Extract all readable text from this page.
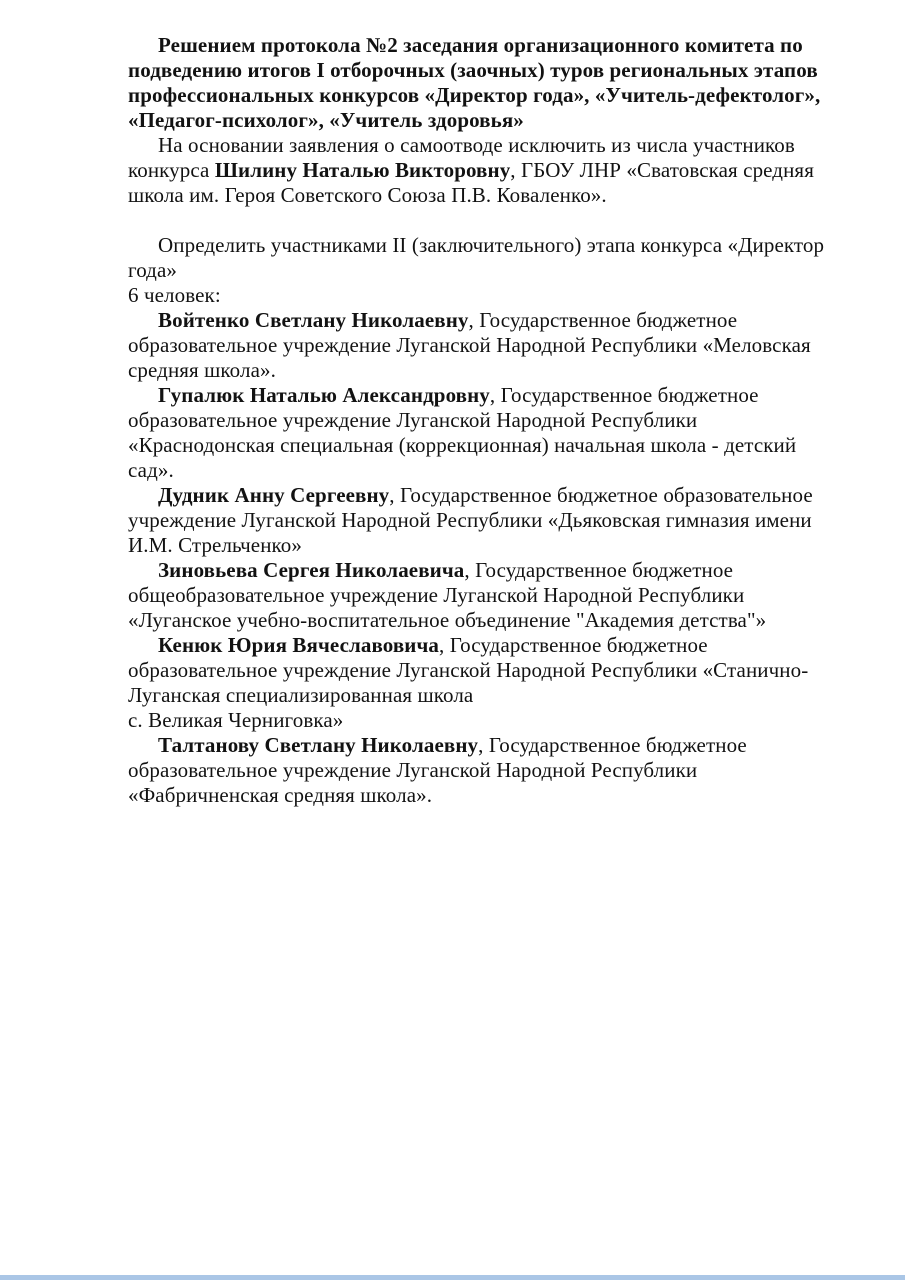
Решением протокола №2 заседания организационного комитета по подведению итогов I отборочных (заочных) туров региональных этапов профессиональных конкурсов «Директор года», «Учитель-дефектолог», «Педагог-психолог», «Учитель здоровья»

На основании заявления о самоотводе исключить из числа участников конкурса Шилину Наталью Викторовну, ГБОУ ЛНР «Сватовская средняя школа им. Героя Советского Союза П.В. Коваленко».

Определить участниками II (заключительного) этапа конкурса «Директор года»

6 человек:

Войтенко Светлану Николаевну, Государственное бюджетное образовательное учреждение Луганской Народной Республики «Меловская средняя школа».

Гупалюк Наталью Александровну, Государственное бюджетное образовательное учреждение Луганской Народной Республики «Краснодонская специальная (коррекционная) начальная школа - детский сад».

Дудник Анну Сергеевну, Государственное бюджетное образовательное учреждение Луганской Народной Республики «Дьяковская гимназия имени И.М. Стрельченко»

Зиновьева Сергея Николаевича, Государственное бюджетное общеобразовательное учреждение Луганской Народной Республики «Луганское учебно-воспитательное объединение "Академия детства"»

Кенюк Юрия Вячеславовича, Государственное бюджетное образовательное учреждение Луганской Народной Республики «Станично-Луганская специализированная школа
с. Великая Черниговка»

Талтанову Светлану Николаевну, Государственное бюджетное образовательное учреждение Луганской Народной Республики «Фабричненская средняя школа».
